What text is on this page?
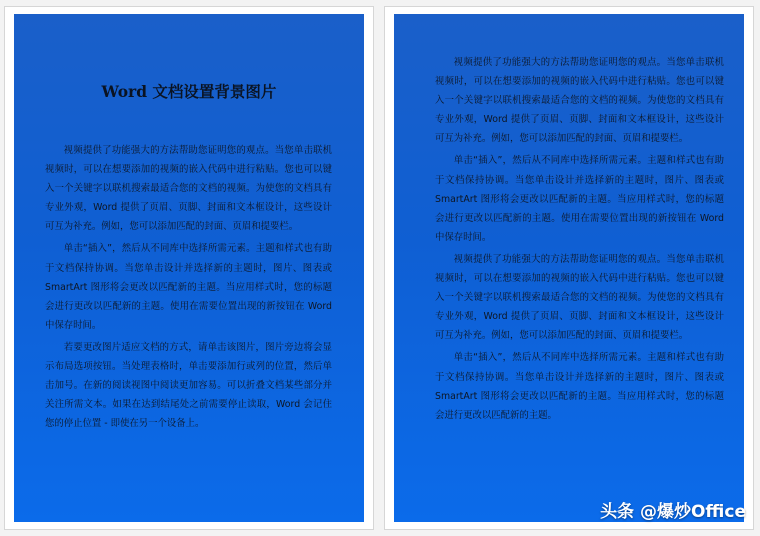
Word 文档设置背景图片

视频提供了功能强大的方法帮助您证明您的观点。当您单击联机视频时，可以在想要添加的视频的嵌入代码中进行粘贴。您也可以键入一个关键字以联机搜索最适合您的文档的视频。为使您的文档具有专业外观，Word 提供了页眉、页脚、封面和文本框设计，这些设计可互为补充。例如，您可以添加匹配的封面、页眉和提要栏。

单击“插入”，然后从不同库中选择所需元素。主题和样式也有助于文档保持协调。当您单击设计并选择新的主题时，图片、图表或 SmartArt 图形将会更改以匹配新的主题。当应用样式时，您的标题会进行更改以匹配新的主题。使用在需要位置出现的新按钮在 Word 中保存时间。

若要更改图片适应文档的方式，请单击该图片，图片旁边将会显示布局选项按钮。当处理表格时，单击要添加行或列的位置，然后单击加号。在新的阅读视图中阅读更加容易。可以折叠文档某些部分并关注所需文本。如果在达到结尾处之前需要停止读取，Word 会记住您的停止位置 - 即使在另一个设备上。

视频提供了功能强大的方法帮助您证明您的观点。当您单击联机视频时，可以在想要添加的视频的嵌入代码中进行粘贴。您也可以键入一个关键字以联机搜索最适合您的文档的视频。为使您的文档具有专业外观，Word 提供了页眉、页脚、封面和文本框设计，这些设计可互为补充。例如，您可以添加匹配的封面、页眉和提要栏。

单击“插入”，然后从不同库中选择所需元素。主题和样式也有助于文档保持协调。当您单击设计并选择新的主题时，图片、图表或 SmartArt 图形将会更改以匹配新的主题。当应用样式时，您的标题会进行更改以匹配新的主题。使用在需要位置出现的新按钮在 Word 中保存时间。

视频提供了功能强大的方法帮助您证明您的观点。当您单击联机视频时，可以在想要添加的视频的嵌入代码中进行粘贴。您也可以键入一个关键字以联机搜索最适合您的文档的视频。为使您的文档具有专业外观，Word 提供了页眉、页脚、封面和文本框设计，这些设计可互为补充。例如，您可以添加匹配的封面、页眉和提要栏。

单击“插入”，然后从不同库中选择所需元素。主题和样式也有助于文档保持协调。当您单击设计并选择新的主题时，图片、图表或 SmartArt 图形将会更改以匹配新的主题。当应用样式时，您的标题会进行更改以匹配新的主题。

头条 @爆炒Office
